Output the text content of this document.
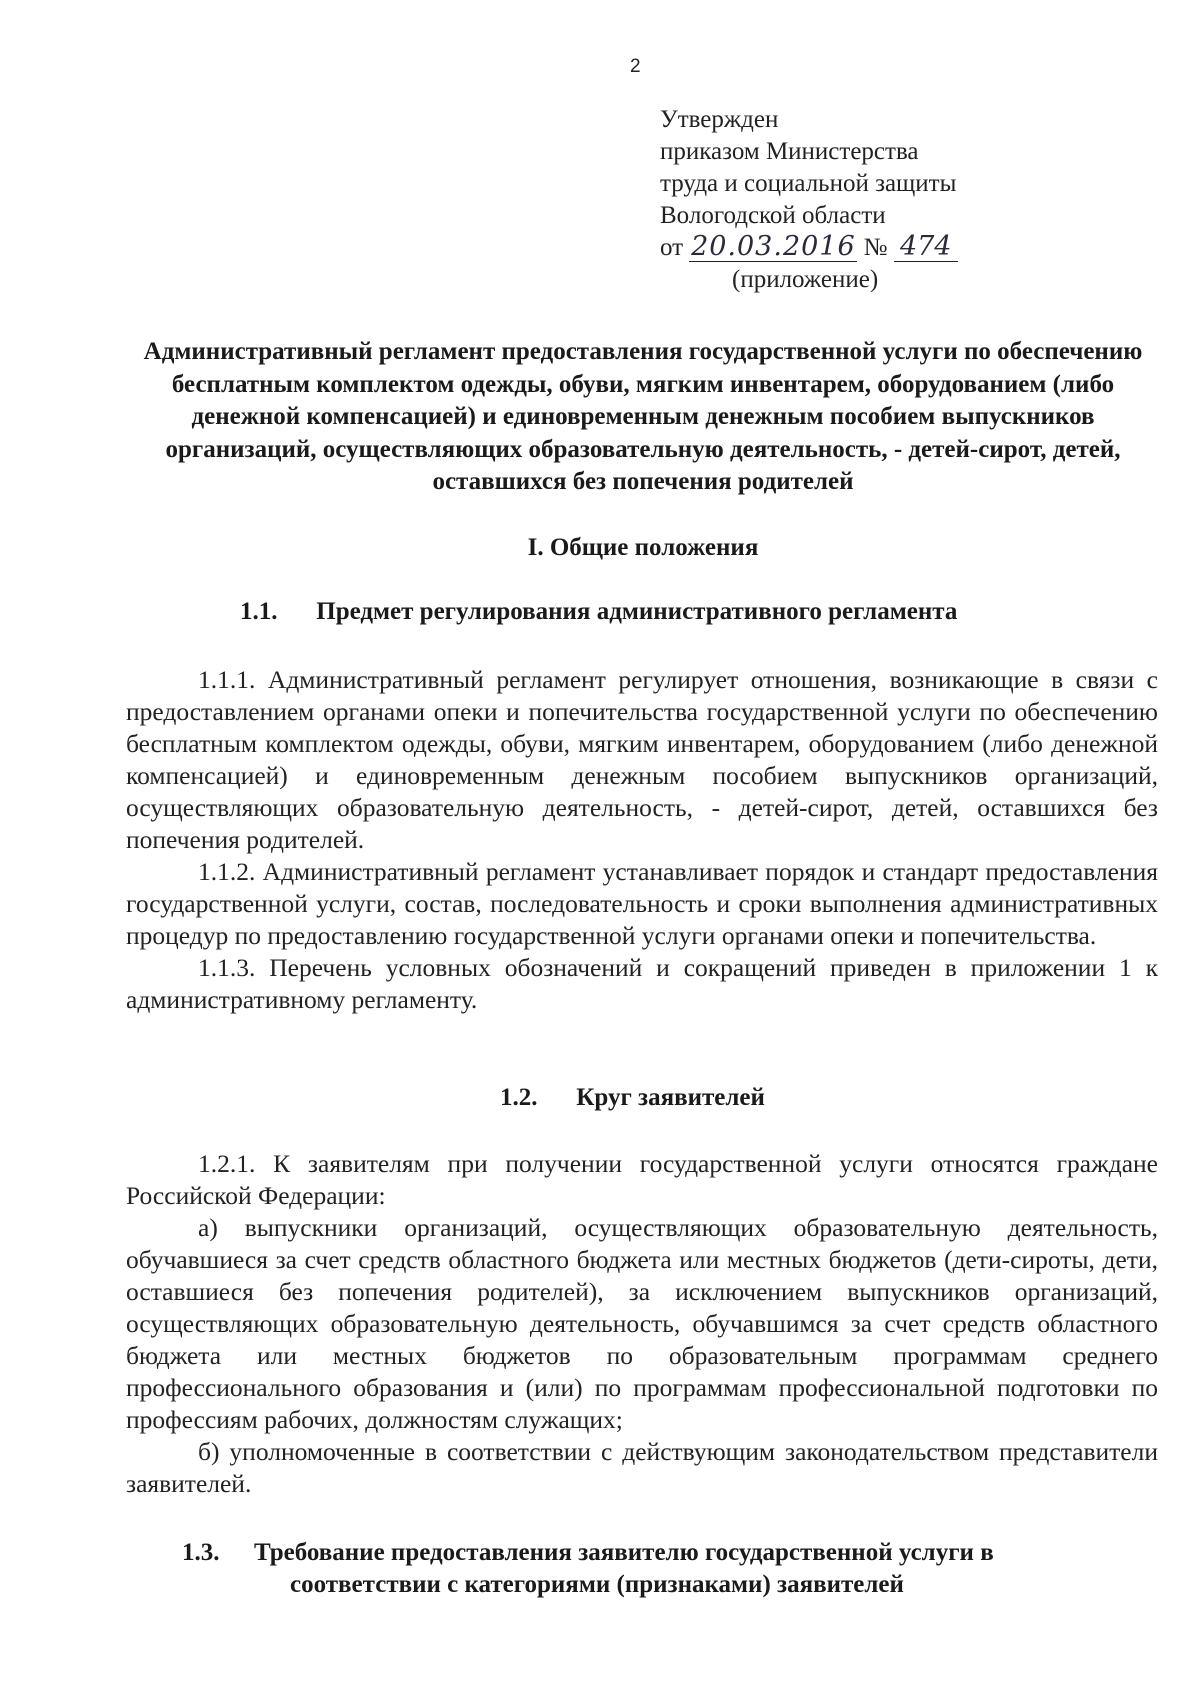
2
Утвержден
приказом Министерства
труда и социальной защиты
Вологодской области
от 20.03.2016 № 474
(приложение)
Административный регламент предоставления государственной услуги по обеспечению бесплатным комплектом одежды, обуви, мягким инвентарем, оборудованием (либо денежной компенсацией) и единовременным денежным пособием выпускников организаций, осуществляющих образовательную деятельность, - детей-сирот, детей, оставшихся без попечения родителей
I. Общие положения
1.1. Предмет регулирования административного регламента

1.1.1. Административный регламент регулирует отношения, возникающие в связи с предоставлением органами опеки и попечительства государственной услуги по обеспечению бесплатным комплектом одежды, обуви, мягким инвентарем, оборудованием (либо денежной компенсацией) и единовременным денежным пособием выпускников организаций, осуществляющих образовательную деятельность, - детей-сирот, детей, оставшихся без попечения родителей.

1.1.2. Административный регламент устанавливает порядок и стандарт предоставления государственной услуги, состав, последовательность и сроки выполнения административных процедур по предоставлению государственной услуги органами опеки и попечительства.

1.1.3. Перечень условных обозначений и сокращений приведен в приложении 1 к административному регламенту.

1.2. Круг заявителей

1.2.1. К заявителям при получении государственной услуги относятся граждане Российской Федерации:

а) выпускники организаций, осуществляющих образовательную деятельность, обучавшиеся за счет средств областного бюджета или местных бюджетов (дети-сироты, дети, оставшиеся без попечения родителей), за исключением выпускников организаций, осуществляющих образовательную деятельность, обучавшимся за счет средств областного бюджета или местных бюджетов по образовательным программам среднего профессионального образования и (или) по программам профессиональной подготовки по профессиям рабочих, должностям служащих;

б) уполномоченные в соответствии с действующим законодательством представители заявителей.

1.3. Требование предоставления заявителю государственной услуги в
соответствии с категориями (признаками) заявителей
